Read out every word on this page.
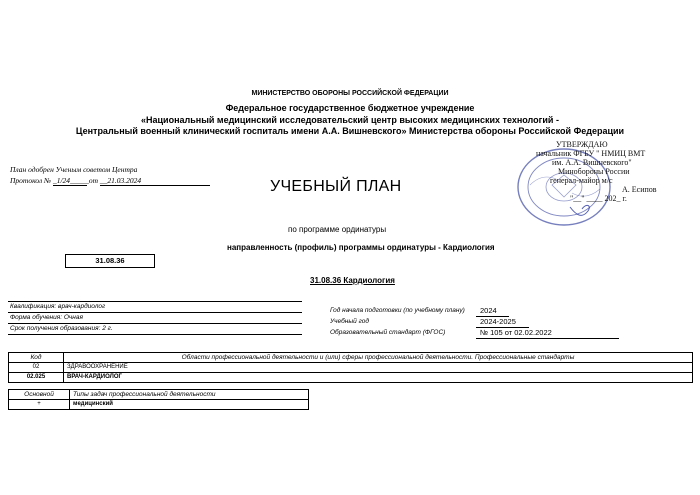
МИНИСТЕРСТВО ОБОРОНЫ РОССИЙСКОЙ ФЕДЕРАЦИИ
Федеральное государственное бюджетное учреждение
«Национальный медицинский исследовательский центр высоких медицинских технологий -
Центральный военный клинический госпиталь имени А.А. Вишневского» Министерства обороны Российской Федерации
План одобрен Ученым советом Центра
Протокол № _1/24_____ от __21.03.2024	УЧЕБНЫЙ ПЛАН
УТВЕРЖДАЮ
начальник ФГБУ " НМИЦ ВМТ
им. А.А. Вишневского"
Минобороны России
генерал-майор м/с
А. Есипов
"__" ____ 202_ г.
по программе ординатуры
направленность (профиль) программы ординатуры - Кардиология
31.08.36
31.08.36 Кардиология
Квалификация: врач-кардиолог
Форма обучения: Очная
Срок получения образования: 2 г.
Год начала подготовки (по учебному плану)	2024
Учебный год	2024-2025
Образовательный стандарт (ФГОС)	№ 105 от 02.02.2022
Код	Области профессиональной деятельности и (или) сферы профессиональной деятельности. Профессиональные стандарты
02	ЗДРАВООХРАНЕНИЕ
02.025	ВРАЧ-КАРДИОЛОГ
Основной	Типы задач профессиональной деятельности
+	медицинский
